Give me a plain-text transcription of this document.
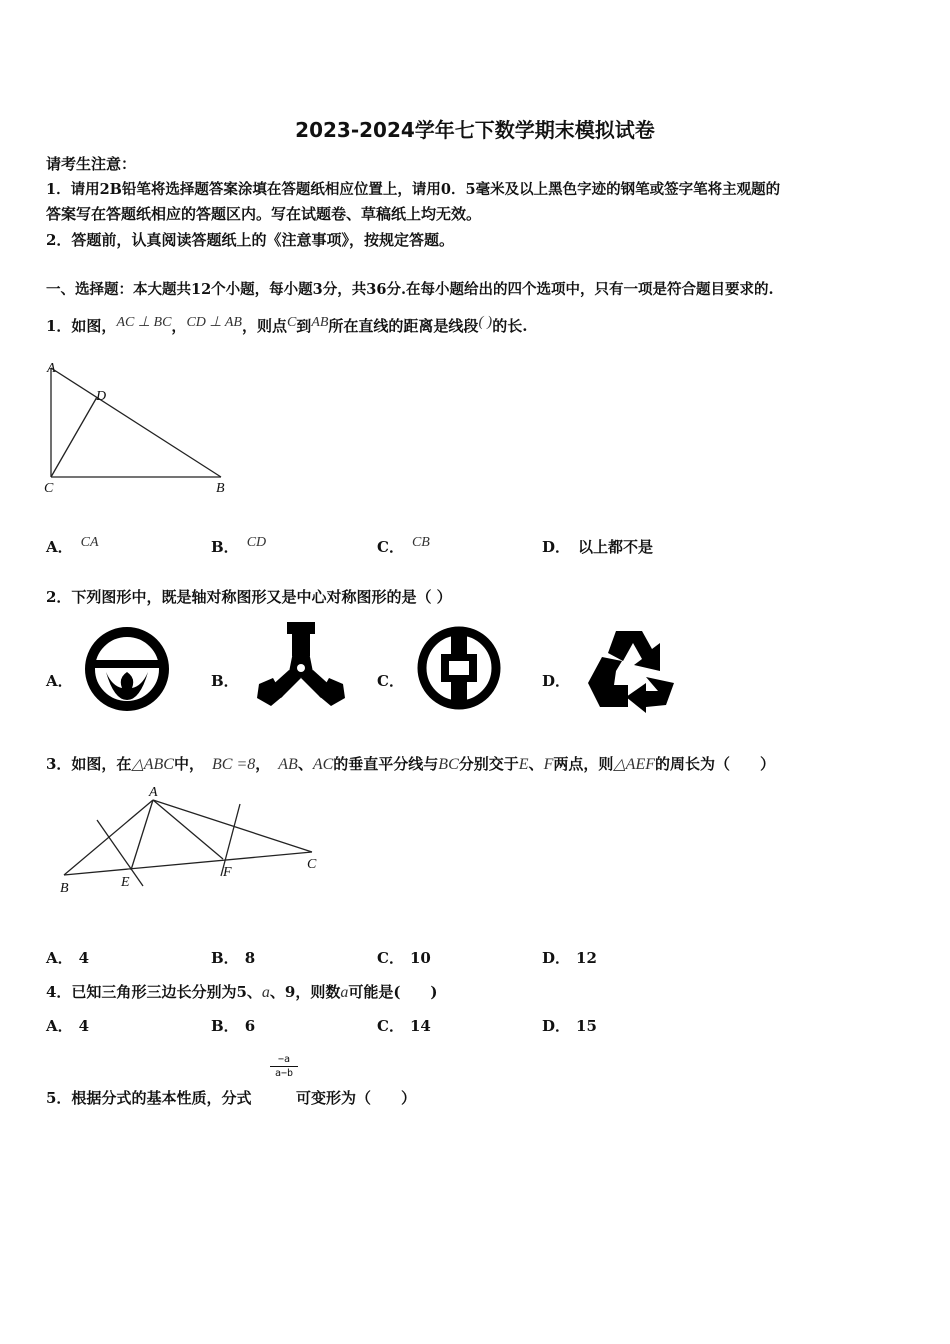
2023-2024学年七下数学期末模拟试卷
请考生注意：
1．请用2B铅笔将选择题答案涂填在答题纸相应位置上，请用0．5毫米及以上黑色字迹的钢笔或签字笔将主观题的
答案写在答题纸相应的答题区内。写在试题卷、草稿纸上均无效。
2．答题前，认真阅读答题纸上的《注意事项》，按规定答题。
一、选择题：本大题共12个小题，每小题3分，共36分.在每小题给出的四个选项中，只有一项是符合题目要求的.
1．如图，AC ⊥ BC，CD ⊥ AB，则点C到AB所在直线的距离是线段( )的长.
A
D
C	B
A． CA	B． CD	C． CB	D． 以上都不是
2．下列图形中，既是轴对称图形又是中心对称图形的是（ ）
A．	B．	C．	D．
3．如图，在△ABC中， BC =8， AB、AC的垂直平分线与BC分别交于E、F两点，则△AEF的周长为（　　）
A
B	E
F
C
A． 4	B． 8	C． 10	D． 12
4．已知三角形三边长分别为5、a、9，则数a可能是(　　)
A． 4	B． 6	C． 14	D． 15
5．根据分式的基本性质，分式
−a
a−b
可变形为（　　）
